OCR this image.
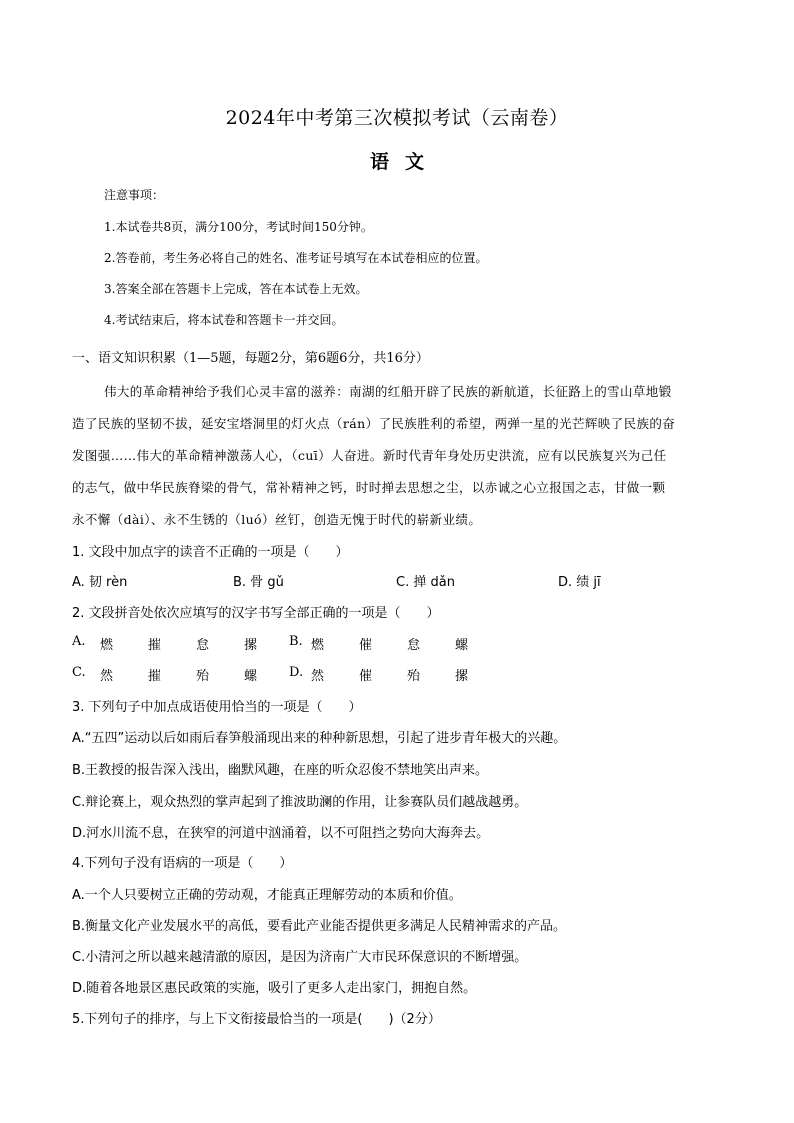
2024年中考第三次模拟考试（云南卷）
语文
注意事项：
1.本试卷共8页，满分100分，考试时间150分钟。
2.答卷前，考生务必将自己的姓名、准考证号填写在本试卷相应的位置。
3.答案全部在答题卡上完成，答在本试卷上无效。
4.考试结束后，将本试卷和答题卡一并交回。
一、语文知识积累（1—5题，每题2分，第6题6分，共16分）
伟大的革命精神给予我们心灵丰富的滋养：南湖的红船开辟了民族的新航道，长征路上的雪山草地锻
造了民族的坚韧不拔，延安宝塔洞里的灯火点（rán）了民族胜利的希望，两弹一星的光芒辉映了民族的奋
发图强……伟大的革命精神激荡人心，（cuī）人奋进。新时代青年身处历史洪流，应有以民族复兴为己任
的志气，做中华民族脊梁的骨气，常补精神之钙，时时掸去思想之尘，以赤诚之心立报国之志，甘做一颗
永不懈（dài）、永不生锈的（luó）丝钉，创造无愧于时代的崭新业绩。
1. 文段中加点字的读音不正确的一项是（　　）
A. 韧 rèn	B. 骨 gǔ	C. 掸 dǎn	D. 绩 jī
2. 文段拼音处依次应填写的汉字书写全部正确的一项是（　　）
A.	燃	摧	怠	摞	B. 燃	催	怠	螺
C.	然	摧	殆	螺	D. 然	催	殆	摞
3. 下列句子中加点成语使用恰当的一项是（　　）
A.“五四”运动以后如雨后春笋般涌现出来的种种新思想，引起了进步青年极大的兴趣。
B.王教授的报告深入浅出，幽默风趣，在座的听众忍俊不禁地笑出声来。
C.辩论赛上，观众热烈的掌声起到了推波助澜的作用，让参赛队员们越战越勇。
D.河水川流不息，在狭窄的河道中汹涌着，以不可阻挡之势向大海奔去。
4.下列句子没有语病的一项是（　　）
A.一个人只要树立正确的劳动观，才能真正理解劳动的本质和价值。
B.衡量文化产业发展水平的高低，要看此产业能否提供更多满足人民精神需求的产品。
C.小清河之所以越来越清澈的原因，是因为济南广大市民环保意识的不断增强。
D.随着各地景区惠民政策的实施，吸引了更多人走出家门，拥抱自然。
5.下列句子的排序，与上下文衔接最恰当的一项是(　　)（2分）
